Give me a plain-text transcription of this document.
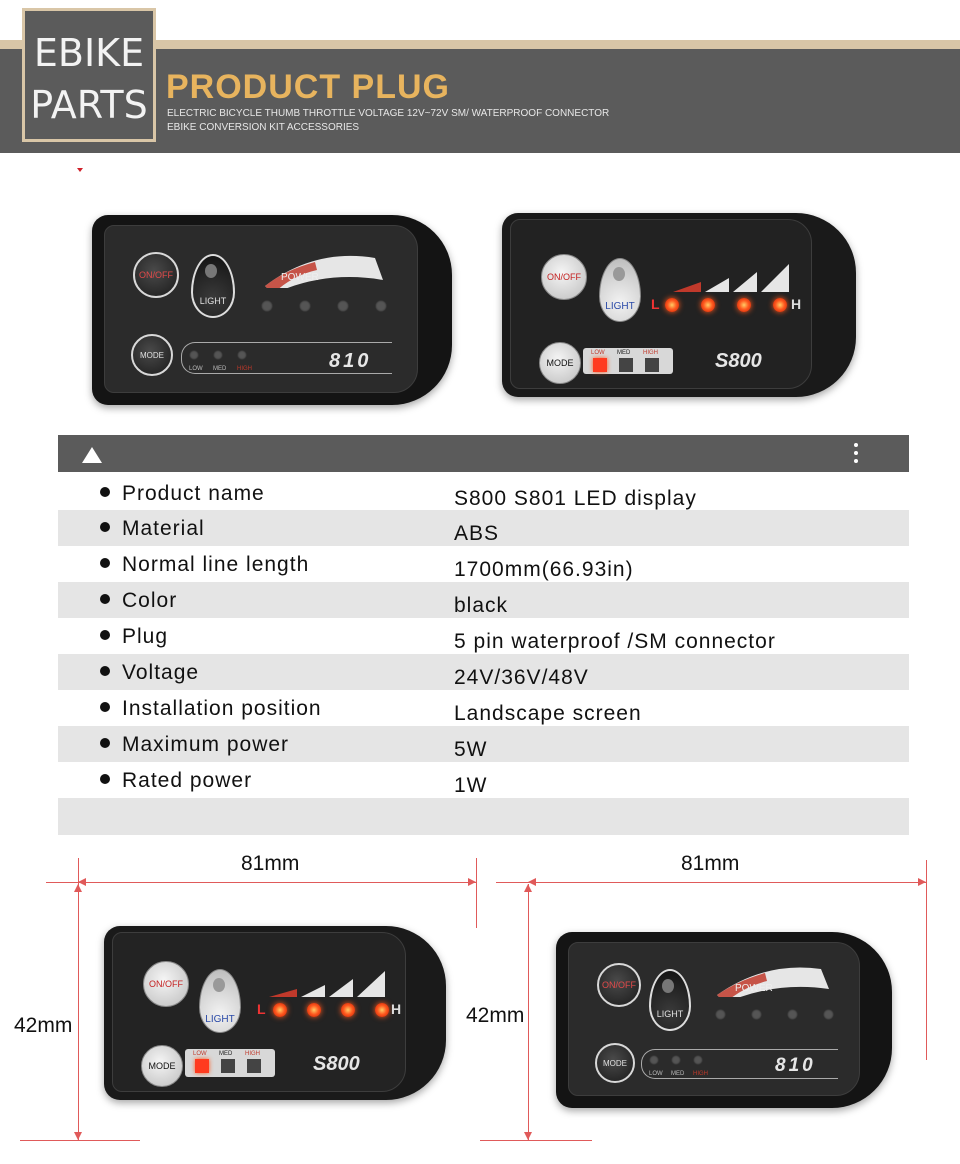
EBIKE
PARTS PRODUCT PLUG
ELECTRIC BICYCLE THUMB THROTTLE VOLTAGE 12V~72V SM/ WATERPROOF CONNECTOR
EBIKE CONVERSION KIT ACCESSORIES
ON/OFF
LIGHT
POWER
MODE
LOW MED HIGH	810
ON/OFF
LIGHT	L	H
MODE
LOW MED HIGH	S800
Product name	S800 S801 LED display
Material	ABS
Normal line length	1700mm(66.93in)
Color	black
Plug	5 pin waterproof /SM connector
Voltage	24V/36V/48V
Installation position	Landscape screen
Maximum power	5W
Rated power	1W
81mm
42mm
81mm
42mm
ON/OFF
LIGHT
L	H
MODE
LOW MED HIGH	S800
ON/OFF
LIGHT
POWER
MODE
LOW MED HIGH	810
